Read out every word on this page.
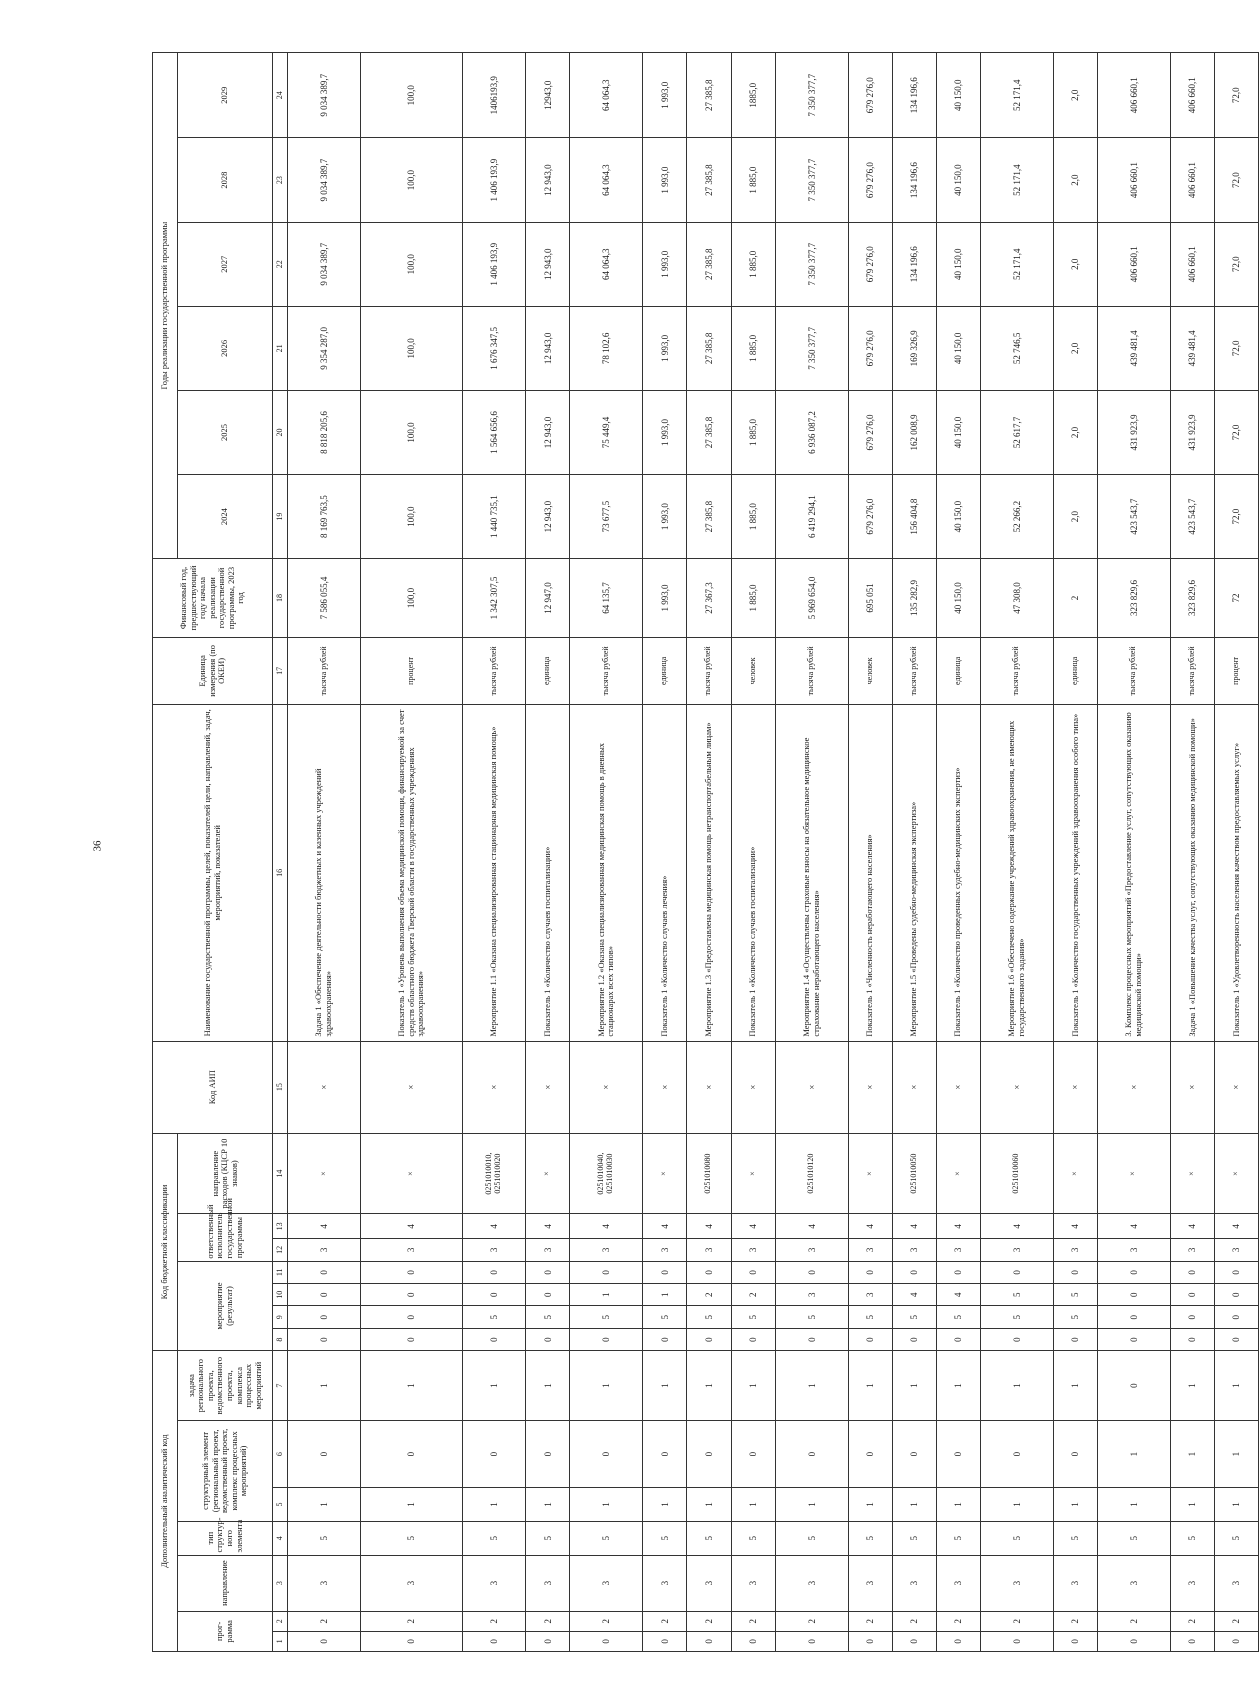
36
Дополнительный аналитический код							Код бюджетной классификации							Код АИП	Наименование государственной программы, целей, показателей цели, направлений, задач, мероприятий, показателей	Единица измерения (по ОКЕИ)	Финансовый год, предшествующий году начала реализации государственной программы, 2023 год	Годы реализации государственной программы					
прог-рамма		направление	тип структур-ного элемента	структурный элемент (региональный проект, ведомственный проект, комплекс процессных мероприятий)		задача регионального проекта, ведомственного проекта, комплекса процессных мероприятий	мероприятие (результат)				ответственный исполнитель государственной программы		направление расходов (КЦСР 10 знаков)					2024	2025	2026	2027	2028	2029

1	2	3	4	5	6	7	8	9	10	11	12	13	14	15	16	17	18	19	20	21	22	23	24
0	2	3	5	1	0	1	0	0	0	0	3	4	×	×	Задача 1 «Обеспечение деятельности бюджетных и казенных учреждений здравоохранения»	тысяча рублей	7 586 055,4	8 169 763,5	8 818 205,6	9 354 287,0	9 034 389,7	9 034 389,7	9 034 389,7
0	2	3	5	1	0	1	0	0	0	0	3	4	×	×	Показатель 1 «Уровень выполнения объема медицинской помощи, финансируемой за счет средств областного бюджета Тверской области в государственных учреждениях здравоохранения»	процент	100,0	100,0	100,0	100,0	100,0	100,0	100,0
0	2	3	5	1	0	1	0	5	0	0	3	4	0251010010, 0251010020	×	Мероприятие 1.1 «Оказана специализированная стационарная медицинская помощь»	тысяча рублей	1 342 307,5	1 440 735,1	1 564 656,6	1 676 347,5	1 406 193,9	1 406 193,9	1406193,9
0	2	3	5	1	0	1	0	5	0	0	3	4	×	×	Показатель 1 «Количество случаев госпитализации»	единица	12 947,0	12 943,0	12 943,0	12 943,0	12 943,0	12 943,0	12943,0
0	2	3	5	1	0	1	0	5	1	0	3	4	0251010040, 0251010030	×	Мероприятие 1.2 «Оказана специализированная медицинская помощь в дневных стационарах всех типов»	тысяча рублей	64 135,7	73 677,5	75 449,4	78 102,6	64 064,3	64 064,3	64 064,3
0	2	3	5	1	0	1	0	5	1	0	3	4	×	×	Показатель 1 «Количество случаев лечения»	единица	1 993,0	1 993,0	1 993,0	1 993,0	1 993,0	1 993,0	1 993,0
0	2	3	5	1	0	1	0	5	2	0	3	4	0251010080	×	Мероприятие 1.3 «Предоставлена медицинская помощь нетранспортабельным лицам»	тысяча рублей	27 367,3	27 385,8	27 385,8	27 385,8	27 385,8	27 385,8	27 385,8
0	2	3	5	1	0	1	0	5	2	0	3	4	×	×	Показатель 1 «Количество случаев госпитализации»	человек	1 885,0	1 885,0	1 885,0	1 885,0	1 885,0	1 885,0	1885,0
0	2	3	5	1	0	1	0	5	3	0	3	4	0251010120	×	Мероприятие 1.4 «Осуществлены страховые взносы на обязательное медицинское страхование неработающего населения»	тысяча рублей	5 969 654,0	6 419 294,1	6 936 087,2	7 350 377,7	7 350 377,7	7 350 377,7	7 350 377,7
0	2	3	5	1	0	1	0	5	3	0	3	4	×	×	Показатель 1 «Численность неработающего населения»	человек	695 051	679 276,0	679 276,0	679 276,0	679 276,0	679 276,0	679 276,0
0	2	3	5	1	0	1	0	5	4	0	3	4	0251010050	×	Мероприятие 1.5 «Проведены судебно-медицинская экспертиза»	тысяча рублей	135 282,9	156 404,8	162 008,9	169 326,9	134 196,6	134 196,6	134 196,6
0	2	3	5	1	0	1	0	5	4	0	3	4	×	×	Показатель 1 «Количество проведенных судебно-медицинских экспертиз»	единица	40 150,0	40 150,0	40 150,0	40 150,0	40 150,0	40 150,0	40 150,0
0	2	3	5	1	0	1	0	5	5	0	3	4	0251010060	×	Мероприятие 1.6 «Обеспечено содержание учреждений здравоохранения, не имеющих государственного задания»	тысяча рублей	47 308,0	52 266,2	52 617,7	52 746,5	52 171,4	52 171,4	52 171,4
0	2	3	5	1	0	1	0	5	5	0	3	4	×	×	Показатель 1 «Количество государственных учреждений здравоохранения особого типа»	единица	2	2,0	2,0	2,0	2,0	2,0	2,0
0	2	3	5	1	1	0	0	0	0	0	3	4	×	×	3. Комплекс процессных мероприятий «Предоставление услуг, сопутствующих оказанию медицинской помощи»	тысяча рублей	323 829,6	423 543,7	431 923,9	439 481,4	406 660,1	406 660,1	406 660,1
0	2	3	5	1	1	1	0	0	0	0	3	4	×	×	Задача 1 «Повышение качества услуг, сопутствующих оказанию медицинской помощи»	тысяча рублей	323 829,6	423 543,7	431 923,9	439 481,4	406 660,1	406 660,1	406 660,1
0	2	3	5	1	1	1	0	0	0	0	3	4	×	×	Показатель 1 «Удовлетворенность населения качеством предоставляемых услуг»	процент	72	72,0	72,0	72,0	72,0	72,0	72,0
